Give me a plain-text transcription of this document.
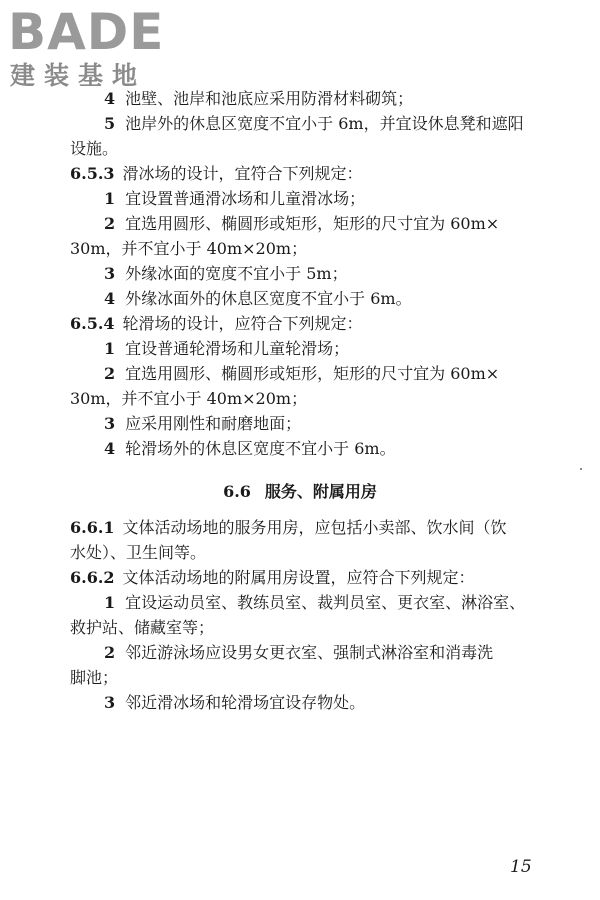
BADE
建装基地
4 池壁、池岸和池底应采用防滑材料砌筑；
5 池岸外的休息区宽度不宜小于 6m，并宜设休息凳和遮阳
设施。
6.5.3 滑冰场的设计，宜符合下列规定：
1 宜设置普通滑冰场和儿童滑冰场；
2 宜选用圆形、椭圆形或矩形，矩形的尺寸宜为 60m×
30m，并不宜小于 40m×20m；
3 外缘冰面的宽度不宜小于 5m；
4 外缘冰面外的休息区宽度不宜小于 6m。
6.5.4 轮滑场的设计，应符合下列规定：
1 宜设普通轮滑场和儿童轮滑场；
2 宜选用圆形、椭圆形或矩形，矩形的尺寸宜为 60m×
30m，并不宜小于 40m×20m；
3 应采用刚性和耐磨地面；
4 轮滑场外的休息区宽度不宜小于 6m。
6.6 服务、附属用房
6.6.1 文体活动场地的服务用房，应包括小卖部、饮水间（饮
水处）、卫生间等。
6.6.2 文体活动场地的附属用房设置，应符合下列规定：
1 宜设运动员室、教练员室、裁判员室、更衣室、淋浴室、
救护站、储藏室等；
2 邻近游泳场应设男女更衣室、强制式淋浴室和消毒洗
脚池；
3 邻近滑冰场和轮滑场宜设存物处。
15
